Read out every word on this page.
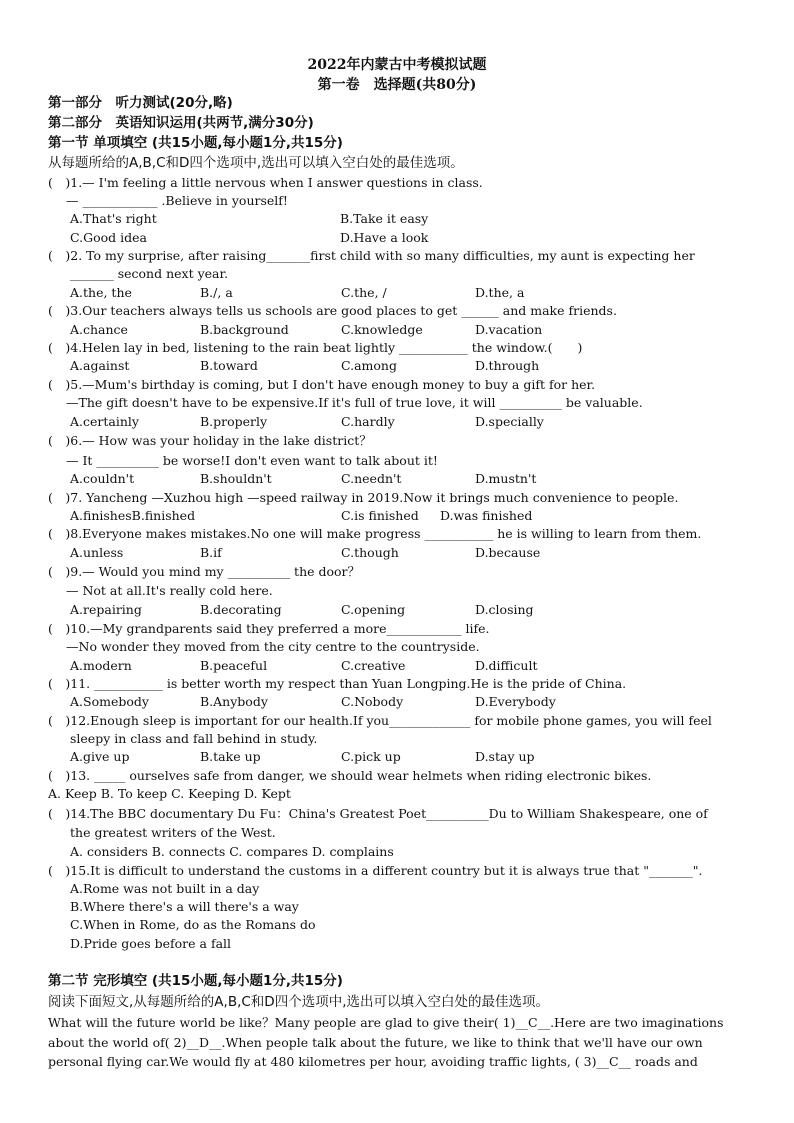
2022年内蒙古中考模拟试题
第一卷　选择题(共80分)
第一部分　听力测试(20分,略)
第二部分　英语知识运用(共两节,满分30分)
第一节 单项填空 (共15小题,每小题1分,共15分)
从每题所给的A,B,C和D四个选项中,选出可以填入空白处的最佳选项。
(　)1.— I'm feeling a little nervous when I answer questions in class.
— ____________ .Believe in yourself!
A.That's right	B.Take it easy
C.Good idea	D.Have a look
(　)2. To my surprise, after raising_______first child with so many difficulties, my aunt is expecting her
_______ second next year.
A.the, the	B./, a	C.the, /	D.the, a
(　)3.Our teachers always tells us schools are good places to get ______ and make friends.
A.chance	B.background	C.knowledge	D.vacation
(　)4.Helen lay in bed, listening to the rain beat lightly ___________ the window.(　　)
A.against	B.toward	C.among	D.through
(　)5.—Mum's birthday is coming, but I don't have enough money to buy a gift for her.
—The gift doesn't have to be expensive.If it's full of true love, it will __________ be valuable.
A.certainly	B.properly	C.hardly	D.specially
(　)6.— How was your holiday in the lake district？
— It __________ be worse!I don't even want to talk about it!
A.couldn't	B.shouldn't	C.needn't	D.mustn't
(　)7. Yancheng —Xuzhou high —speed railway in 2019.Now it brings much convenience to people.
A.finishesB.finished	C.is finished D.was finished
(　)8.Everyone makes mistakes.No one will make progress ___________ he is willing to learn from them.
A.unless	B.if	C.though	D.because
(　)9.— Would you mind my __________ the door？
— Not at all.It's really cold here.
A.repairing	B.decorating	C.opening	D.closing
(　)10.—My grandparents said they preferred a more____________ life.
—No wonder they moved from the city centre to the countryside.
A.modern	B.peaceful	C.creative	D.difficult
(　)11. ___________ is better worth my respect than Yuan Longping.He is the pride of China.
A.Somebody	B.Anybody	C.Nobody	D.Everybody
(　)12.Enough sleep is important for our health.If you_____________ for mobile phone games, you will feel
sleepy in class and fall behind in study.
A.give up	B.take up	C.pick up	D.stay up
(　)13. _____ ourselves safe from danger, we should wear helmets when riding electronic bikes.
A. Keep B. To keep C. Keeping D. Kept
(　)14.The BBC documentary Du Fu：China's Greatest Poet__________Du to William Shakespeare, one of
the greatest writers of the West.
A. considers B. connects C. compares D. complains
(　)15.It is difficult to understand the customs in a different country but it is always true that "_______".
A.Rome was not built in a day
B.Where there's a will there's a way
C.When in Rome, do as the Romans do
D.Pride goes before a fall
第二节 完形填空 (共15小题,每小题1分,共15分)
阅读下面短文,从每题所给的A,B,C和D四个选项中,选出可以填入空白处的最佳选项。
What will the future world be like？Many people are glad to give their( 1)__C__.Here are two imaginations
about the world of( 2)__D__.When people talk about the future, we like to think that we'll have our own
personal flying car.We would fly at 480 kilometres per hour, avoiding traffic lights, ( 3)__C__ roads and
